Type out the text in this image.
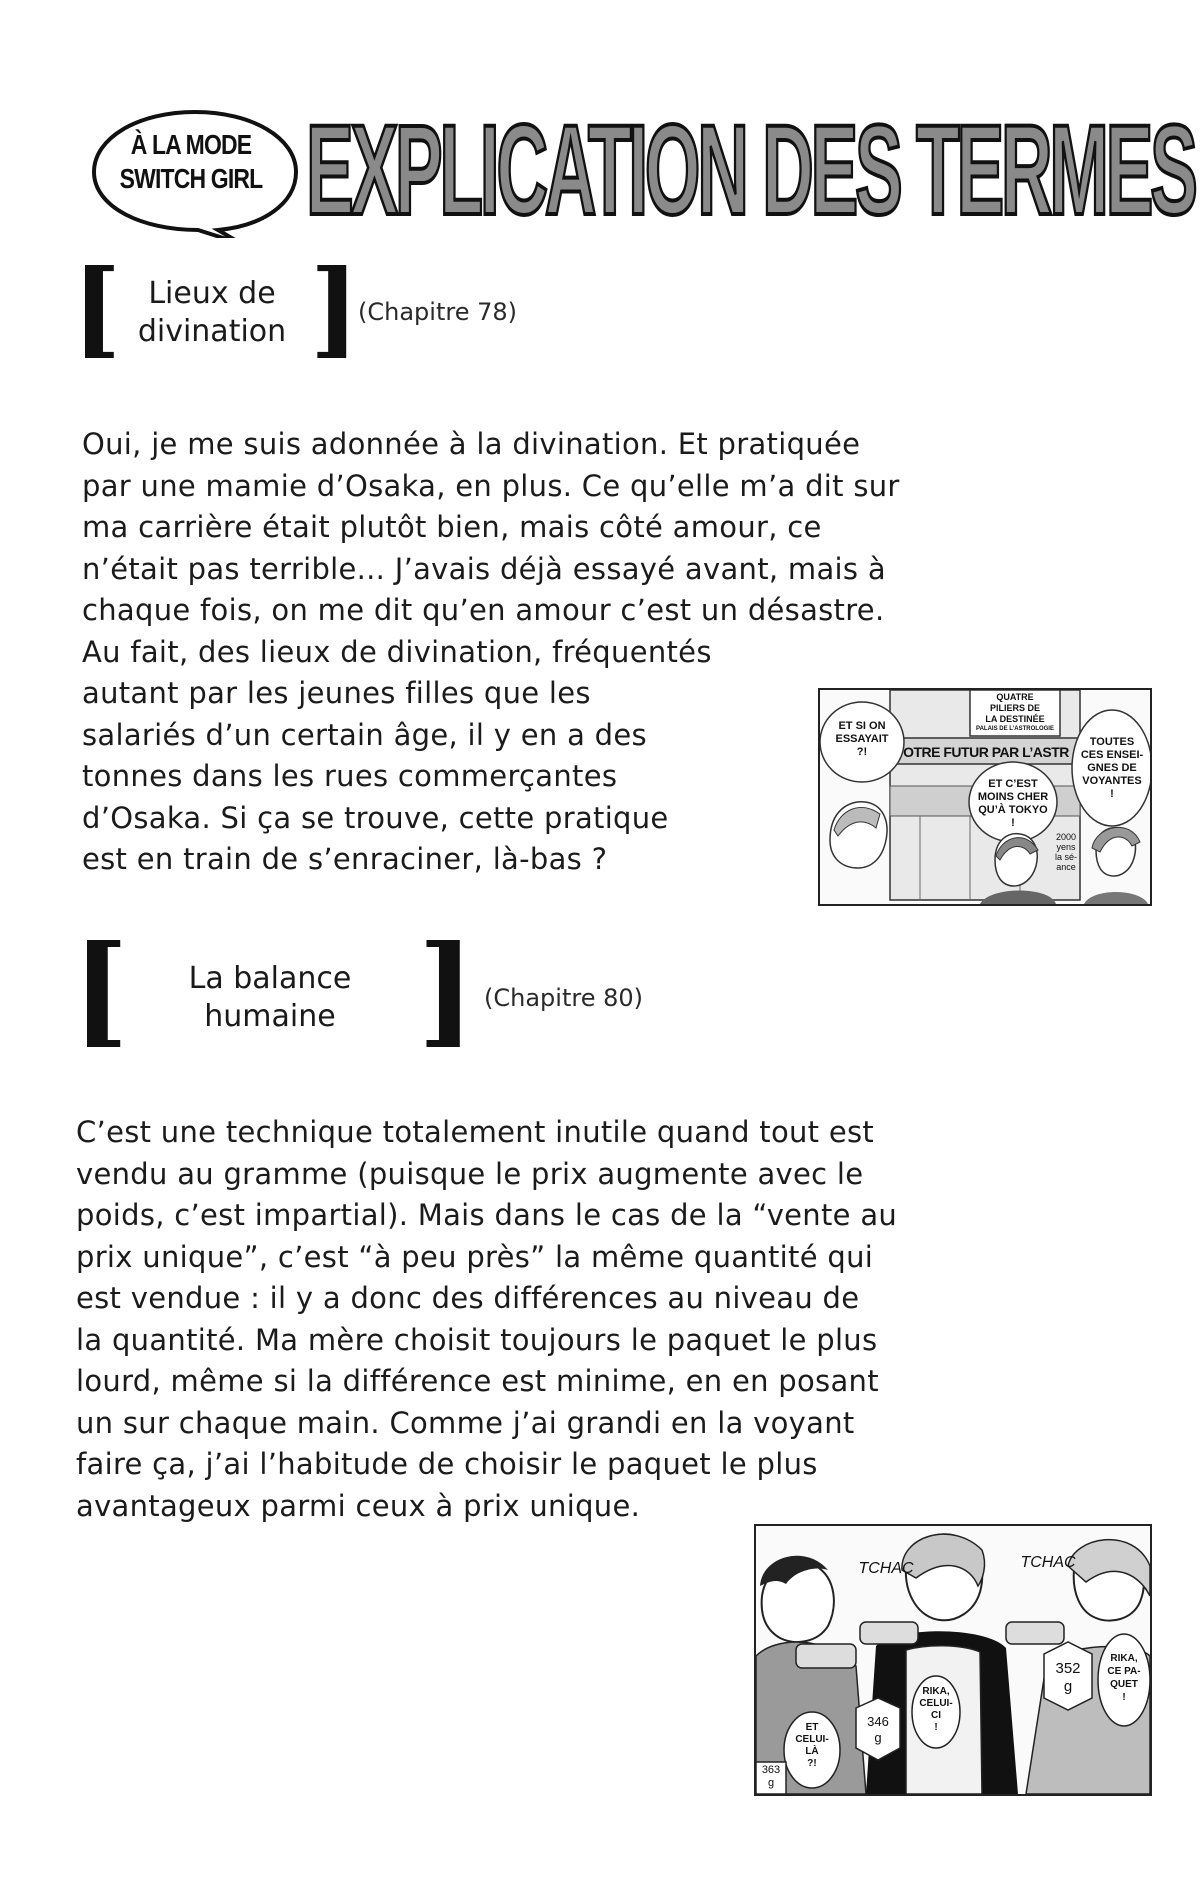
À LA MODE
SWITCH GIRL EXPLICATION DES TERMES
[ ]
Lieux de
divination
(Chapitre 78)
Oui, je me suis adonnée à la divination. Et pratiquée
par une mamie d’Osaka, en plus. Ce qu’elle m’a dit sur
ma carrière était plutôt bien, mais côté amour, ce
n’était pas terrible... J’avais déjà essayé avant, mais à
chaque fois, on me dit qu’en amour c’est un désastre.
Au fait, des lieux de divination, fréquentés
autant par les jeunes filles que les
salariés d’un certain âge, il y en a des
tonnes dans les rues commerçantes
d’Osaka. Si ça se trouve, cette pratique
est en train de s’enraciner, là-bas ?
QUATRE
PILIERS DE
LA DESTINÉE
PALAIS DE L’ASTROLOGIE
OTRE FUTUR PAR L’ASTR
ET SI ON
ESSAYAIT
?!
ET C’EST
MOINS CHER
QU’À TOKYO
!
TOUTES
CES ENSEI-
GNES DE
VOYANTES
!
2000
yens
la sé-
ance
[ ]
La balance
humaine
(Chapitre 80)
C’est une technique totalement inutile quand tout est
vendu au gramme (puisque le prix augmente avec le
poids, c’est impartial). Mais dans le cas de la “vente au
prix unique”, c’est “à peu près” la même quantité qui
est vendue : il y a donc des différences au niveau de
la quantité. Ma mère choisit toujours le paquet le plus
lourd, même si la différence est minime, en en posant
un sur chaque main. Comme j’ai grandi en la voyant
faire ça, j’ai l’habitude de choisir le paquet le plus
avantageux parmi ceux à prix unique.
TCHAC	TCHAC
ET
CELUI-
LÀ
?!
363
g
346
g
RIKA,
CELUI-
CI
!
352
g
RIKA,
CE PA-
QUET
!
